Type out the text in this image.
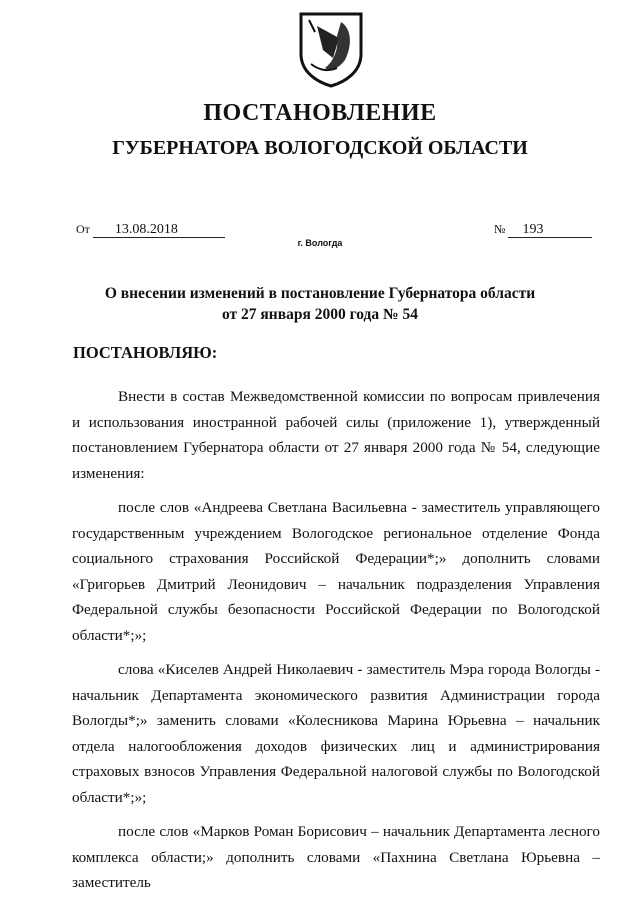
ПОСТАНОВЛЕНИЕ
ГУБЕРНАТОРА ВОЛОГОДСКОЙ ОБЛАСТИ
От 13.08.2018	№ 193
г. Вологда
О внесении изменений в постановление Губернатора области
от 27 января 2000 года № 54
ПОСТАНОВЛЯЮ:

Внести в состав Межведомственной комиссии по вопросам привлечения и использования иностранной рабочей силы (приложение 1), утвержденный постановлением Губернатора области от 27 января 2000 года № 54, следующие изменения:

после слов «Андреева Светлана Васильевна - заместитель управляющего государственным учреждением Вологодское региональное отделение Фонда социального страхования Российской Федерации*;» дополнить словами «Григорьев Дмитрий Леонидович – начальник подразделения Управления Федеральной службы безопасности Российской Федерации по Вологодской области*;»;

слова «Киселев Андрей Николаевич - заместитель Мэра города Вологды - начальник Департамента экономического развития Администрации города Вологды*;» заменить словами «Колесникова Марина Юрьевна – начальник отдела налогообложения доходов физических лиц и администрирования страховых взносов Управления Федеральной налоговой службы по Вологодской области*;»;

после слов «Марков Роман Борисович – начальник Департамента лесного комплекса области;» дополнить словами «Пахнина Светлана Юрьевна – заместитель
